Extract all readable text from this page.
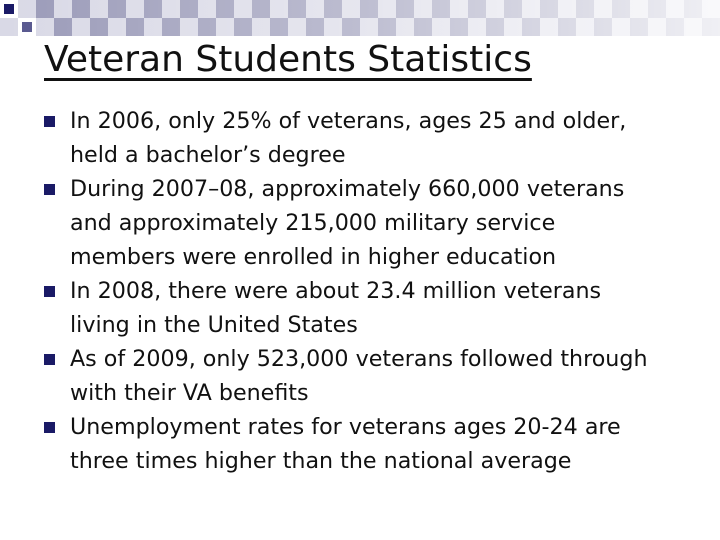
Veteran Students Statistics
In 2006, only 25% of veterans, ages 25 and older,
held a bachelor’s degree
During 2007–08, approximately 660,000 veterans
and approximately 215,000 military service
members were enrolled in higher education
In 2008, there were about 23.4 million veterans
living in the United States
As of 2009, only 523,000 veterans followed through
with their VA benefits
Unemployment rates for veterans ages 20-24 are
three times higher than the national average
